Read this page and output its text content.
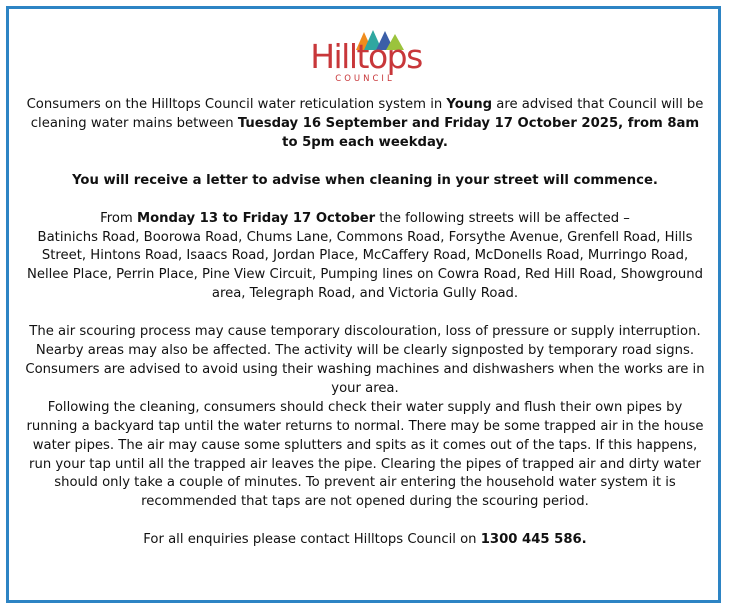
Hilltops
COUNCIL

Consumers on the Hilltops Council water reticulation system in Young are advised that Council will be cleaning water mains between Tuesday 16 September and Friday 17 October 2025, from 8am to 5pm each weekday.

You will receive a letter to advise when cleaning in your street will commence.

From Monday 13 to Friday 17 October the following streets will be affected –

Batinichs Road, Boorowa Road, Chums Lane, Commons Road, Forsythe Avenue, Grenfell Road, Hills Street, Hintons Road, Isaacs Road, Jordan Place, McCaffery Road, McDonells Road, Murringo Road, Nellee Place, Perrin Place, Pine View Circuit, Pumping lines on Cowra Road, Red Hill Road, Showground area, Telegraph Road, and Victoria Gully Road.

The air scouring process may cause temporary discolouration, loss of pressure or supply interruption. Nearby areas may also be affected. The activity will be clearly signposted by temporary road signs. Consumers are advised to avoid using their washing machines and dishwashers when the works are in your area.

Following the cleaning, consumers should check their water supply and flush their own pipes by running a backyard tap until the water returns to normal. There may be some trapped air in the house water pipes. The air may cause some splutters and spits as it comes out of the taps. If this happens, run your tap until all the trapped air leaves the pipe. Clearing the pipes of trapped air and dirty water should only take a couple of minutes. To prevent air entering the household water system it is recommended that taps are not opened during the scouring period.

For all enquiries please contact Hilltops Council on 1300 445 586.
